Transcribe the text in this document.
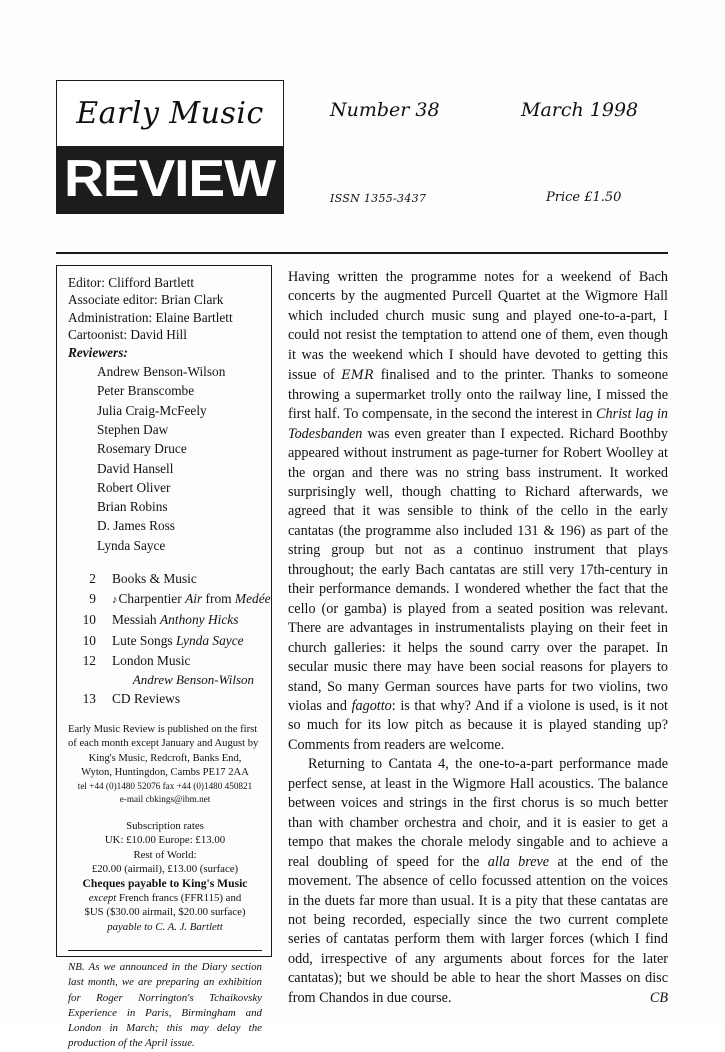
Early Music
REVIEW
Number 38	March 1998
ISSN 1355-3437	Price £1.50
Editor: Clifford Bartlett
Associate editor: Brian Clark
Administration: Elaine Bartlett
Cartoonist: David Hill
Reviewers:
Andrew Benson-Wilson
Peter Branscombe
Julia Craig-McFeely
Stephen Daw
Rosemary Druce
David Hansell
Robert Oliver
Brian Robins
D. James Ross
Lynda Sayce
2	Books & Music
9	♪Charpentier Air from Medée
10	Messiah Anthony Hicks
10	Lute Songs Lynda Sayce
12	London Music
Andrew Benson-Wilson
13	CD Reviews
Early Music Review is published on the first
of each month except January and August by
King's Music, Redcroft, Banks End,
Wyton, Huntingdon, Cambs PE17 2AA
tel +44 (0)1480 52076 fax +44 (0)1480 450821
e-mail cbkings@ibm.net
Subscription rates
UK: £10.00 Europe: £13.00
Rest of World:
£20.00 (airmail), £13.00 (surface)
Cheques payable to King's Music
except French francs (FFR115) and
$US ($30.00 airmail, $20.00 surface)
payable to C. A. J. Bartlett
NB. As we announced in the Diary section last month, we are preparing an exhibition for Roger Norrington's Tchaikovsky Experience in Paris, Birmingham and London in March; this may delay the production of the April issue.

Having written the programme notes for a weekend of Bach concerts by the augmented Purcell Quartet at the Wigmore Hall which included church music sung and played one-to-a-part, I could not resist the temptation to attend one of them, even though it was the weekend which I should have devoted to getting this issue of EMR finalised and to the printer. Thanks to someone throwing a supermarket trolly onto the railway line, I missed the first half. To compensate, in the second the interest in Christ lag in Todesbanden was even greater than I expected. Richard Boothby appeared without instrument as page-turner for Robert Woolley at the organ and there was no string bass instrument. It worked surprisingly well, though chatting to Richard afterwards, we agreed that it was sensible to think of the cello in the early cantatas (the programme also included 131 & 196) as part of the string group but not as a continuo instrument that plays throughout; the early Bach cantatas are still very 17th-century in their performance demands. I wondered whether the fact that the cello (or gamba) is played from a seated position was relevant. There are advantages in instrumentalists playing on their feet in church galleries: it helps the sound carry over the parapet. In secular music there may have been social reasons for players to stand, So many German sources have parts for two violins, two violas and fagotto: is that why? And if a violone is used, is it not so much for its low pitch as because it is played standing up? Comments from readers are welcome.

Returning to Cantata 4, the one-to-a-part performance made perfect sense, at least in the Wigmore Hall acoustics. The balance between voices and strings in the first chorus is so much better than with chamber orchestra and choir, and it is easier to get a tempo that makes the chorale melody singable and to achieve a real doubling of speed for the alla breve at the end of the movement. The absence of cello focussed attention on the voices in the duets far more than usual. It is a pity that these cantatas are not being recorded, especially since the two current complete series of cantatas perform them with larger forces (which I find odd, irrespective of any arguments about forces for the later cantatas); but we should be able to hear the short Masses on disc from Chandos in due course.	CB
